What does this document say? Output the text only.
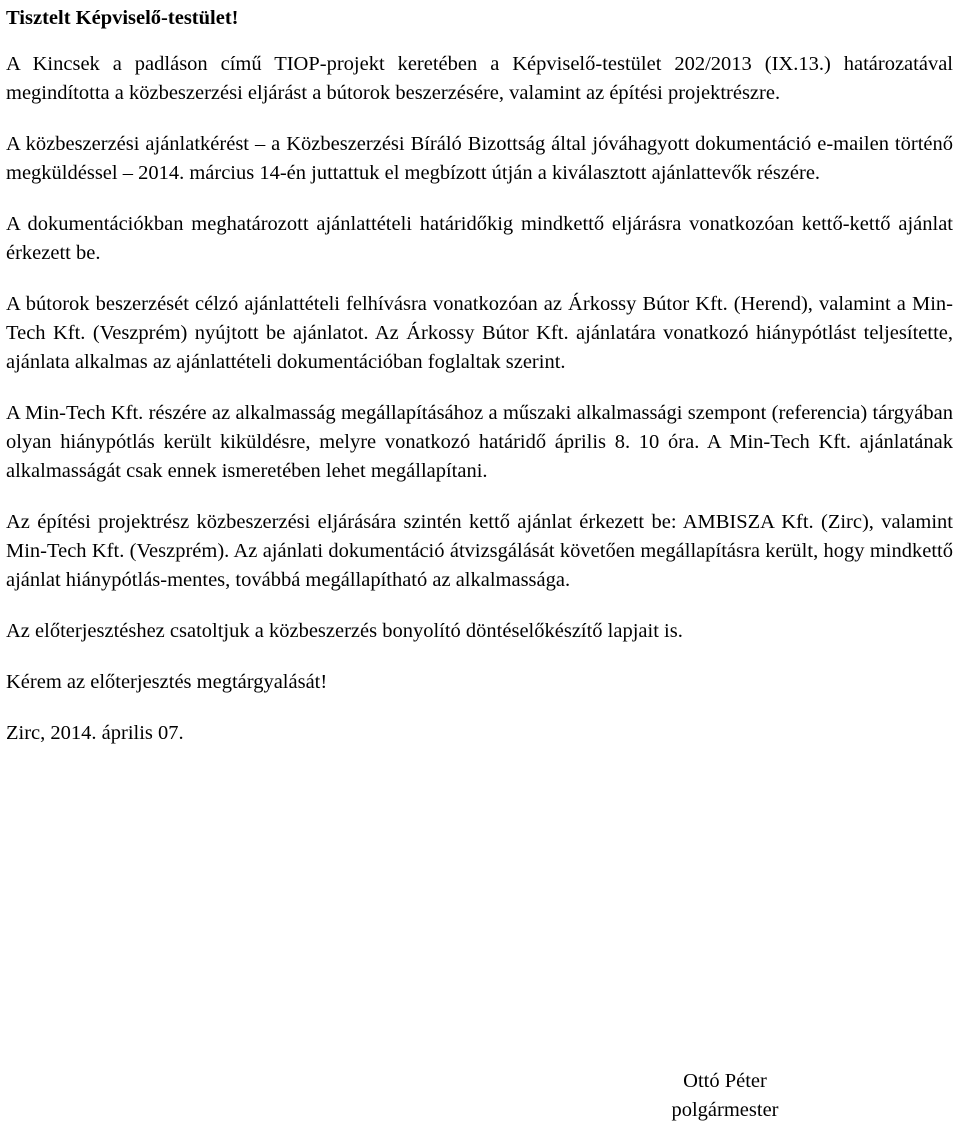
Tisztelt Képviselő-testület!

A Kincsek a padláson című TIOP-projekt keretében a Képviselő-testület 202/2013 (IX.13.) határozatával megindította a közbeszerzési eljárást a bútorok beszerzésére, valamint az építési projektrészre.

A közbeszerzési ajánlatkérést – a Közbeszerzési Bíráló Bizottság által jóváhagyott dokumentáció e-mailen történő megküldéssel – 2014. március 14-én juttattuk el megbízott útján a kiválasztott ajánlattevők részére.

A dokumentációkban meghatározott ajánlattételi határidőkig mindkettő eljárásra vonatkozóan kettő-kettő ajánlat érkezett be.

A bútorok beszerzését célzó ajánlattételi felhívásra vonatkozóan az Árkossy Bútor Kft. (Herend), valamint a Min-Tech Kft. (Veszprém) nyújtott be ajánlatot. Az Árkossy Bútor Kft. ajánlatára vonatkozó hiánypótlást teljesítette, ajánlata alkalmas az ajánlattételi dokumentációban foglaltak szerint.

A Min-Tech Kft. részére az alkalmasság megállapításához a műszaki alkalmassági szempont (referencia) tárgyában olyan hiánypótlás került kiküldésre, melyre vonatkozó határidő április 8. 10 óra. A Min-Tech Kft. ajánlatának alkalmasságát csak ennek ismeretében lehet megállapítani.

Az építési projektrész közbeszerzési eljárására szintén kettő ajánlat érkezett be: AMBISZA Kft. (Zirc), valamint Min-Tech Kft. (Veszprém). Az ajánlati dokumentáció átvizsgálását követően megállapításra került, hogy mindkettő ajánlat hiánypótlás-mentes, továbbá megállapítható az alkalmassága.

Az előterjesztéshez csatoltjuk a közbeszerzés bonyolító döntéselőkészítő lapjait is.

Kérem az előterjesztés megtárgyalását!

Zirc, 2014. április 07.

Ottó Péter
polgármester
